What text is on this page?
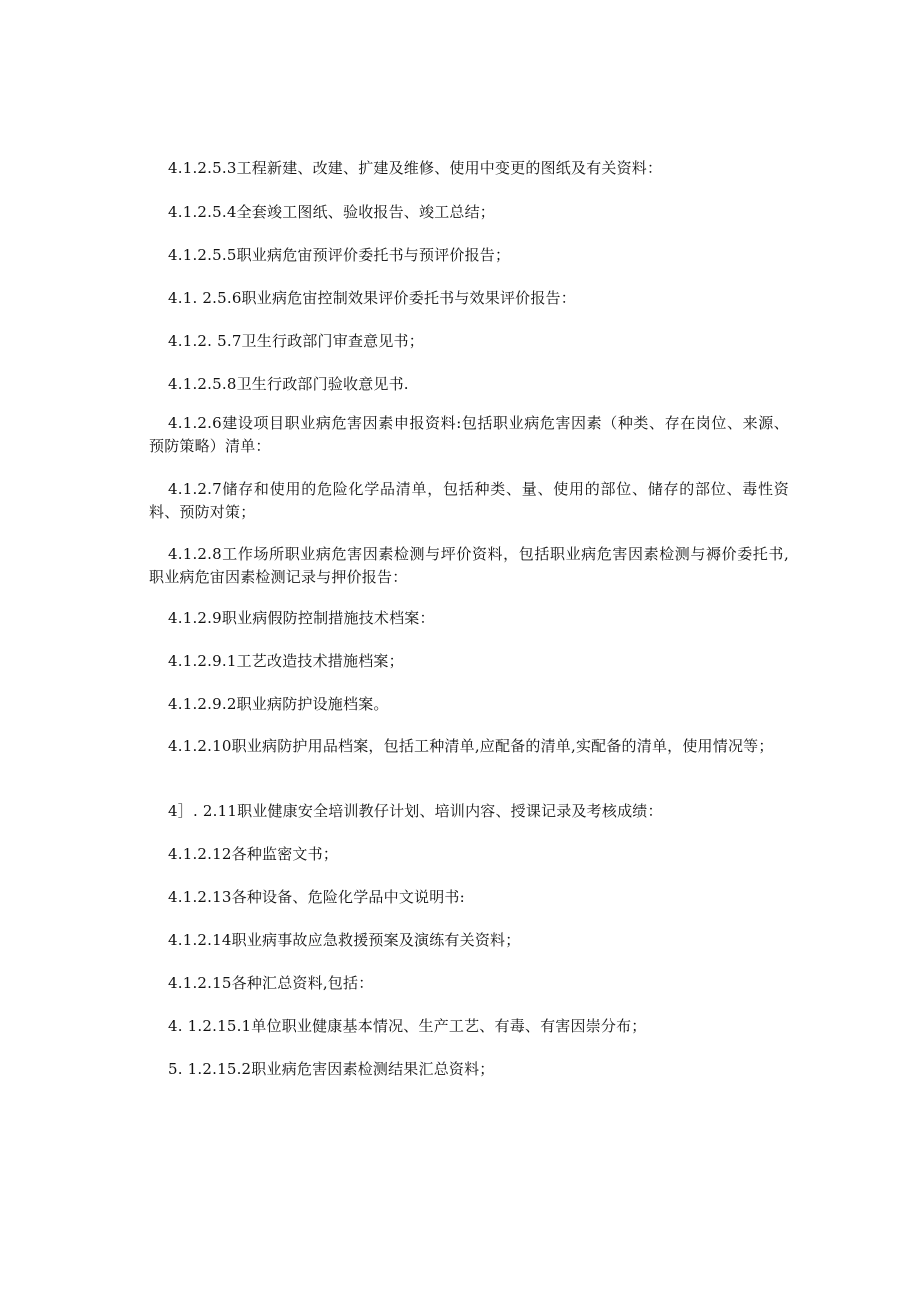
4.1.2.5.3工程新建、改建、扩建及维修、使用中变更的图纸及有关资料：
4.1.2.5.4全套竣工图纸、验收报告、竣工总结；
4.1.2.5.5职业病危宙预评价委托书与预评价报告；
4.1. 2.5.6职业病危宙控制效果评价委托书与效果评价报告：
4.1.2. 5.7卫生行政部门审查意见书；
4.1.2.5.8卫生行政部门验收意见书.
4.1.2.6建设项目职业病危害因素申报资料:包括职业病危害因素（种类、存在岗位、来源、预防策略）清单：
4.1.2.7储存和使用的危险化学品清单，包括种类、量、使用的部位、储存的部位、毒性资料、预防对策；
4.1.2.8工作场所职业病危害因素检测与坪价资料，包括职业病危害因素检测与褥价委托书,职业病危宙因素检测记录与押价报告：
4.1.2.9职业病假防控制措施技术档案：
4.1.2.9.1工艺改造技术措施档案；
4.1.2.9.2职业病防护设施档案。
4.1.2.10职业病防护用品档案，包括工种清单,应配备的清单,实配备的清单，使用情况等；
4］. 2.11职业健康安全培训教仔计划、培训内容、授课记录及考核成绩：
4.1.2.12各种监密文书；
4.1.2.13各种设备、危险化学品中文说明书:
4.1.2.14职业病事故应急救援预案及演练有关资料；
4.1.2.15各种汇总资料,包括：
4. 1.2.15.1单位职业健康基本情况、生产工艺、有毒、有害因崇分布；
5. 1.2.15.2职业病危害因素检测结果汇总资料；
